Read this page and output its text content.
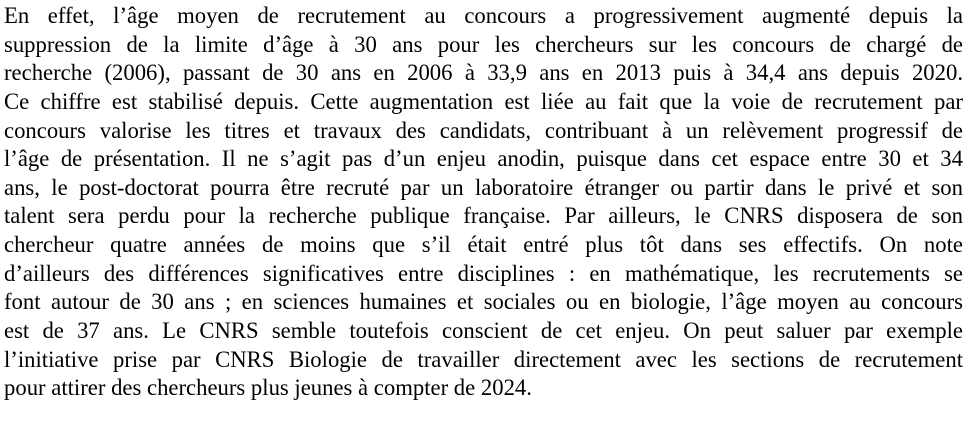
En effet, l’âge moyen de recrutement au concours a progressivement augmenté depuis la
suppression de la limite d’âge à 30 ans pour les chercheurs sur les concours de chargé de
recherche (2006), passant de 30 ans en 2006 à 33,9 ans en 2013 puis à 34,4 ans depuis 2020.
Ce chiffre est stabilisé depuis. Cette augmentation est liée au fait que la voie de recrutement par
concours valorise les titres et travaux des candidats, contribuant à un relèvement progressif de
l’âge de présentation. Il ne s’agit pas d’un enjeu anodin, puisque dans cet espace entre 30 et 34
ans, le post-doctorat pourra être recruté par un laboratoire étranger ou partir dans le privé et son
talent sera perdu pour la recherche publique française. Par ailleurs, le CNRS disposera de son
chercheur quatre années de moins que s’il était entré plus tôt dans ses effectifs. On note
d’ailleurs des différences significatives entre disciplines : en mathématique, les recrutements se
font autour de 30 ans ; en sciences humaines et sociales ou en biologie, l’âge moyen au concours
est de 37 ans. Le CNRS semble toutefois conscient de cet enjeu. On peut saluer par exemple
l’initiative prise par CNRS Biologie de travailler directement avec les sections de recrutement
pour attirer des chercheurs plus jeunes à compter de 2024.
